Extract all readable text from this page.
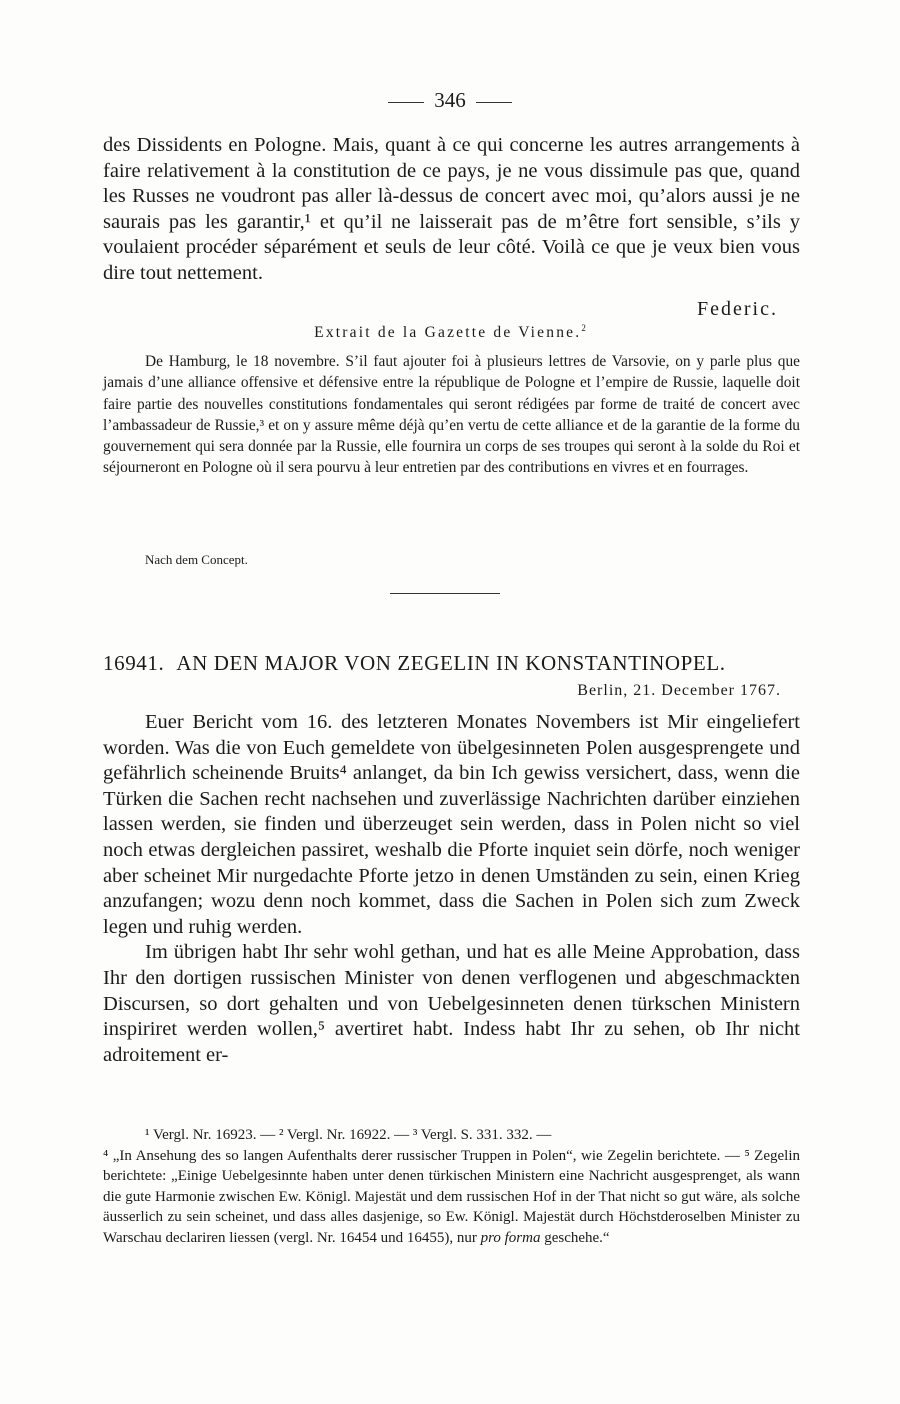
346

des Dissidents en Pologne. Mais, quant à ce qui concerne les autres arrangements à faire relativement à la constitution de ce pays, je ne vous dissimule pas que, quand les Russes ne voudront pas aller là-dessus de concert avec moi, qu’alors aussi je ne saurais pas les garantir,¹ et qu’il ne laisserait pas de m’être fort sensible, s’ils y voulaient procéder séparément et seuls de leur côté. Voilà ce que je veux bien vous dire tout nettement.

Federic.
Extrait de la Gazette de Vienne.$^2$

De Hamburg, le 18 novembre. S’il faut ajouter foi à plusieurs lettres de Varsovie, on y parle plus que jamais d’une alliance offensive et défensive entre la république de Pologne et l’empire de Russie, laquelle doit faire partie des nouvelles constitutions fondamentales qui seront rédigées par forme de traité de concert avec l’ambassadeur de Russie,³ et on y assure même déjà qu’en vertu de cette alliance et de la garantie de la forme du gouvernement qui sera donnée par la Russie, elle fournira un corps de ses troupes qui seront à la solde du Roi et séjourneront en Pologne où il sera pourvu à leur entretien par des contributions en vivres et en fourrages.

Nach dem Concept.
16941. AN DEN MAJOR VON ZEGELIN IN KONSTANTINOPEL.
Berlin, 21. December 1767.

Euer Bericht vom 16. des letzteren Monates Novembers ist Mir eingeliefert worden. Was die von Euch gemeldete von übelgesinneten Polen ausgesprengete und gefährlich scheinende Bruits⁴ anlanget, da bin Ich gewiss versichert, dass, wenn die Türken die Sachen recht nachsehen und zuverlässige Nachrichten darüber einziehen lassen werden, sie finden und überzeuget sein werden, dass in Polen nicht so viel noch etwas dergleichen passiret, weshalb die Pforte inquiet sein dörfe, noch weniger aber scheinet Mir nurgedachte Pforte jetzo in denen Umständen zu sein, einen Krieg anzufangen; wozu denn noch kommet, dass die Sachen in Polen sich zum Zweck legen und ruhig werden.

Im übrigen habt Ihr sehr wohl gethan, und hat es alle Meine Approbation, dass Ihr den dortigen russischen Minister von denen verflogenen und abgeschmackten Discursen, so dort gehalten und von Uebelgesinneten denen türkschen Ministern inspiriret werden wollen,⁵ avertiret habt. Indess habt Ihr zu sehen, ob Ihr nicht adroitement er-

¹ Vergl. Nr. 16923. — ² Vergl. Nr. 16922. — ³ Vergl. S. 331. 332. —

⁴ „In Ansehung des so langen Aufenthalts derer russischer Truppen in Polen“, wie Zegelin berichtete. — ⁵ Zegelin berichtete: „Einige Uebelgesinnte haben unter denen türkischen Ministern eine Nachricht ausgesprenget, als wann die gute Harmonie zwischen Ew. Königl. Majestät und dem russischen Hof in der That nicht so gut wäre, als solche äusserlich zu sein scheinet, und dass alles dasjenige, so Ew. Königl. Majestät durch Höchstderoselben Minister zu Warschau declariren liessen (vergl. Nr. 16454 und 16455), nur pro forma geschehe.“
